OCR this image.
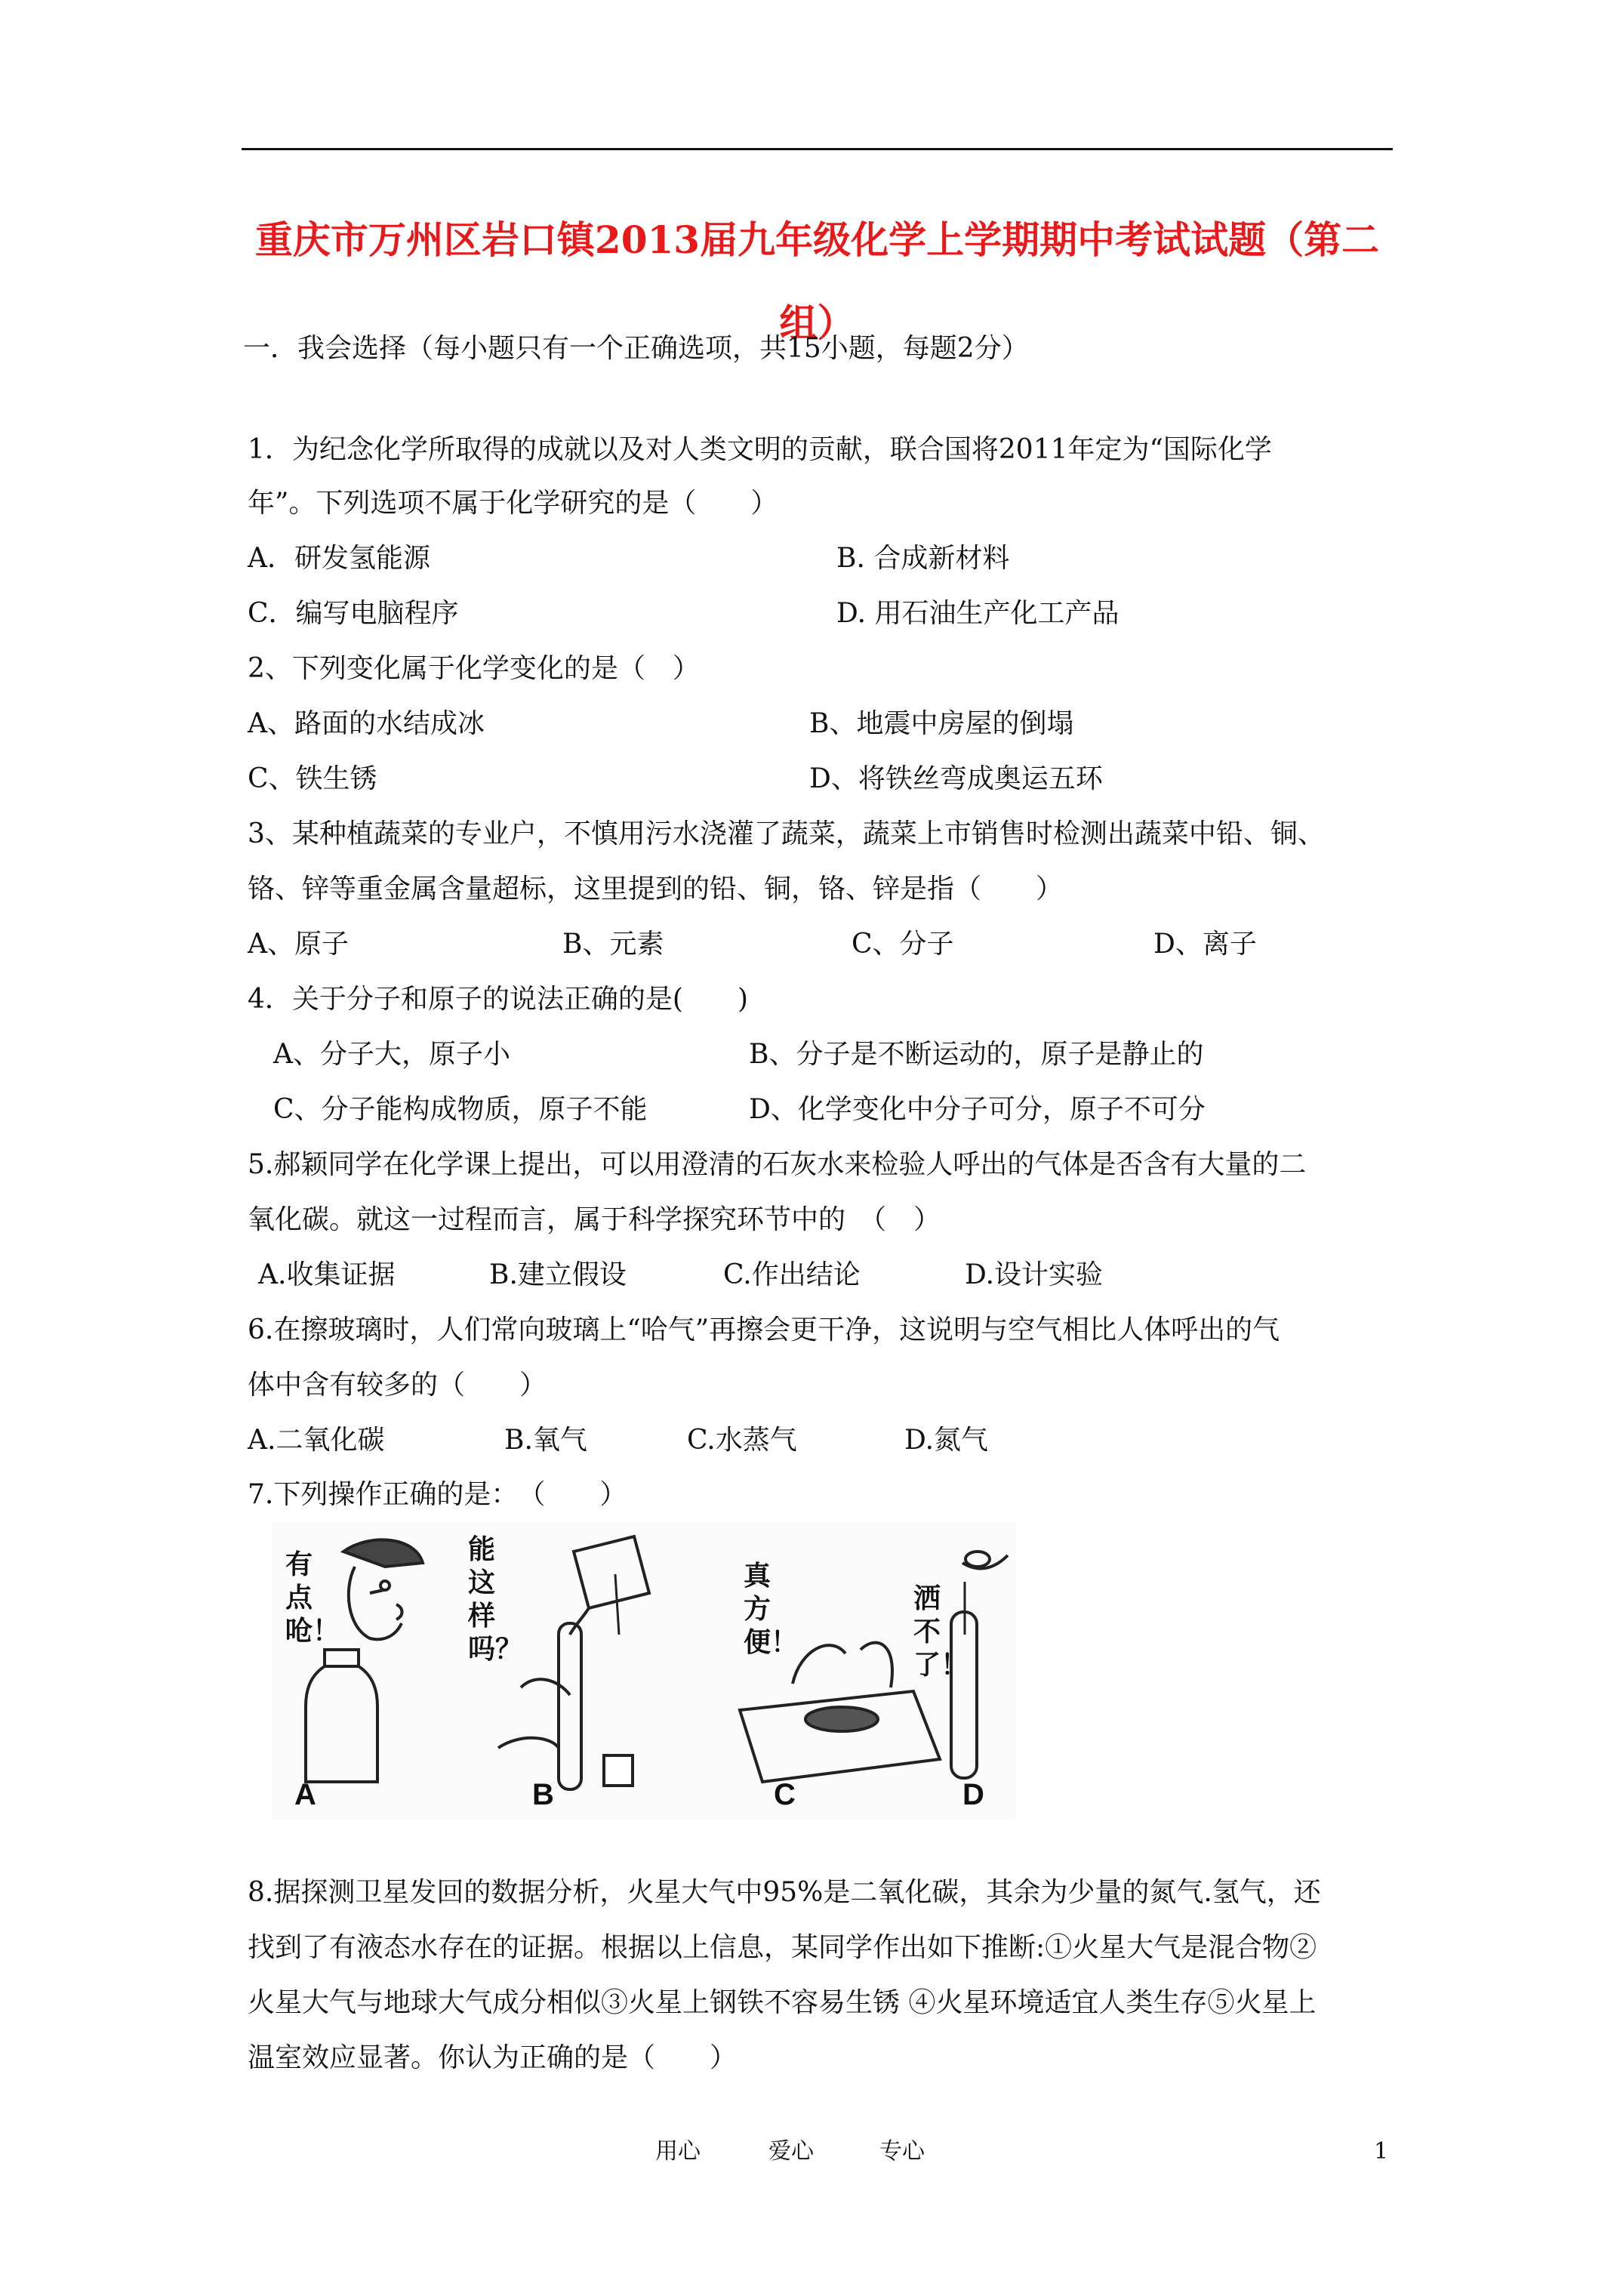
重庆市万州区岩口镇2013届九年级化学上学期期中考试试题（第二
组）
一．我会选择（每小题只有一个正确选项，共15小题，每题2分）
1．为纪念化学所取得的成就以及对人类文明的贡献，联合国将2011年定为“国际化学
年”。下列选项不属于化学研究的是（　　）
A．研发氢能源	B. 合成新材料
C．编写电脑程序	D. 用石油生产化工产品
2、下列变化属于化学变化的是（　）
A、路面的水结成冰	B、地震中房屋的倒塌
C、铁生锈	D、将铁丝弯成奥运五环
3、某种植蔬菜的专业户，不慎用污水浇灌了蔬菜，蔬菜上市销售时检测出蔬菜中铅、铜、
铬、锌等重金属含量超标，这里提到的铅、铜，铬、锌是指（　　）
A、原子	B、元素	C、分子	D、离子
4．关于分子和原子的说法正确的是(　　)
A、分子大，原子小	B、分子是不断运动的，原子是静止的
C、分子能构成物质，原子不能	D、化学变化中分子可分，原子不可分
5.郝颖同学在化学课上提出，可以用澄清的石灰水来检验人呼出的气体是否含有大量的二
氧化碳。就这一过程而言，属于科学探究环节中的　（　）
A.收集证据	B.建立假设	C.作出结论	D.设计实验
6.在擦玻璃时，人们常向玻璃上“哈气”再擦会更干净，这说明与空气相比人体呼出的气
体中含有较多的（　　）
A.二氧化碳	B.氧气	C.水蒸气	D.氮气
7.下列操作正确的是：　（　　）
有点呛！
能这样吗？
真方便！
洒不了！
A	B	C	D
8.据探测卫星发回的数据分析，火星大气中95%是二氧化碳，其余为少量的氮气.氢气，还
找到了有液态水存在的证据。根据以上信息，某同学作出如下推断:①火星大气是混合物②
火星大气与地球大气成分相似③火星上钢铁不容易生锈 ④火星环境适宜人类生存⑤火星上
温室效应显著。你认为正确的是（　　）
用心	爱心	专心	1
